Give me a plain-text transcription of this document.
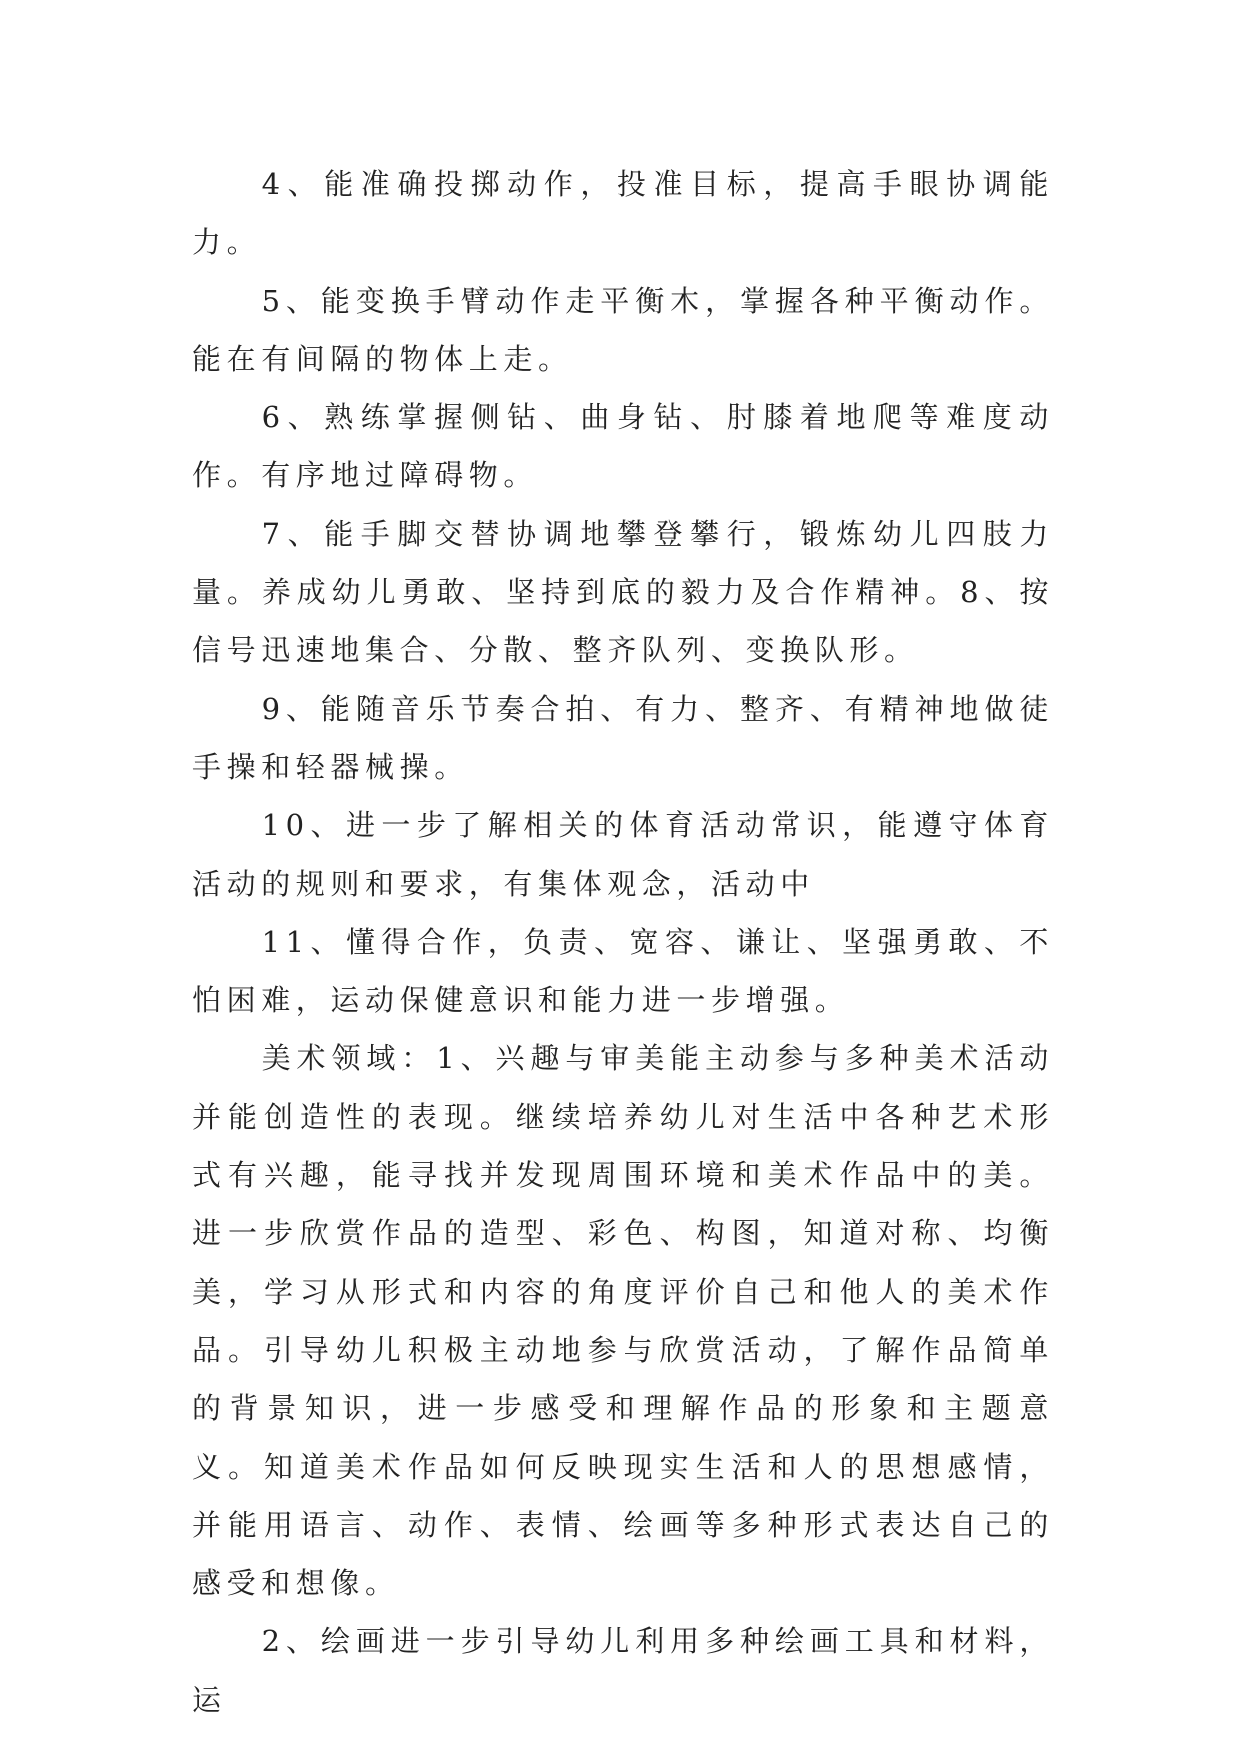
4、能准确投掷动作，投准目标，提高手眼协调能力。

5、能变换手臂动作走平衡木，掌握各种平衡动作。能在有间隔的物体上走。

6、熟练掌握侧钻、曲身钻、肘膝着地爬等难度动作。有序地过障碍物。

7、能手脚交替协调地攀登攀行，锻炼幼儿四肢力量。养成幼儿勇敢、坚持到底的毅力及合作精神。8、按信号迅速地集合、分散、整齐队列、变换队形。

9、能随音乐节奏合拍、有力、整齐、有精神地做徒手操和轻器械操。

10、进一步了解相关的体育活动常识，能遵守体育活动的规则和要求，有集体观念，活动中

11、懂得合作，负责、宽容、谦让、坚强勇敢、不怕困难，运动保健意识和能力进一步增强。

美术领域：1、兴趣与审美能主动参与多种美术活动并能创造性的表现。继续培养幼儿对生活中各种艺术形式有兴趣，能寻找并发现周围环境和美术作品中的美。进一步欣赏作品的造型、彩色、构图，知道对称、均衡美，学习从形式和内容的角度评价自己和他人的美术作品。引导幼儿积极主动地参与欣赏活动，了解作品简单的背景知识，进一步感受和理解作品的形象和主题意义。知道美术作品如何反映现实生活和人的思想感情，并能用语言、动作、表情、绘画等多种形式表达自己的感受和想像。

2、绘画进一步引导幼儿利用多种绘画工具和材料，运
